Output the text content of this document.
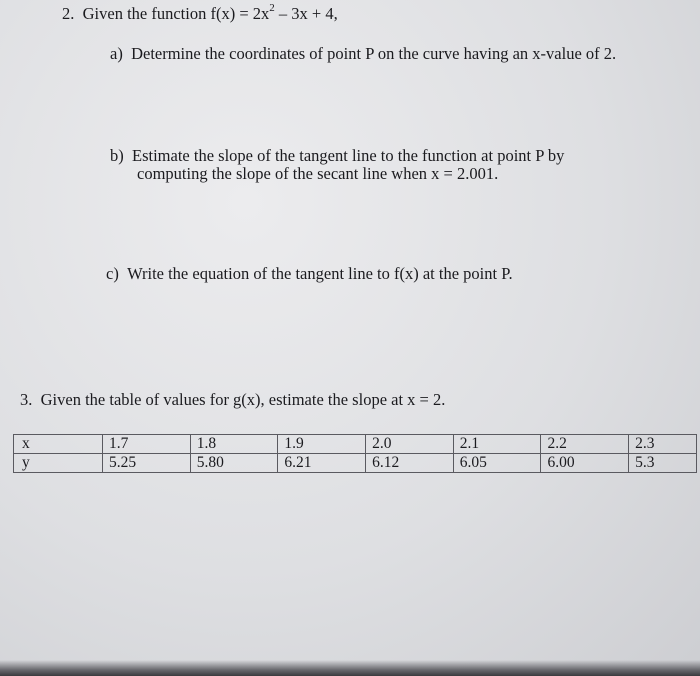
2. Given the function $f(x) = 2x^2 - 3x + 4$,
a) Determine the coordinates of point P on the curve having an x-value of 2.
b) Estimate the slope of the tangent line to the function at point P by
computing the slope of the secant line when x = 2.001.
c) Write the equation of the tangent line to f(x) at the point P.
3. Given the table of values for g(x), estimate the slope at x = 2.
x	1.7	1.8	1.9	2.0	2.1	2.2	2.3
y	5.25	5.80	6.21	6.12	6.05	6.00	5.3
